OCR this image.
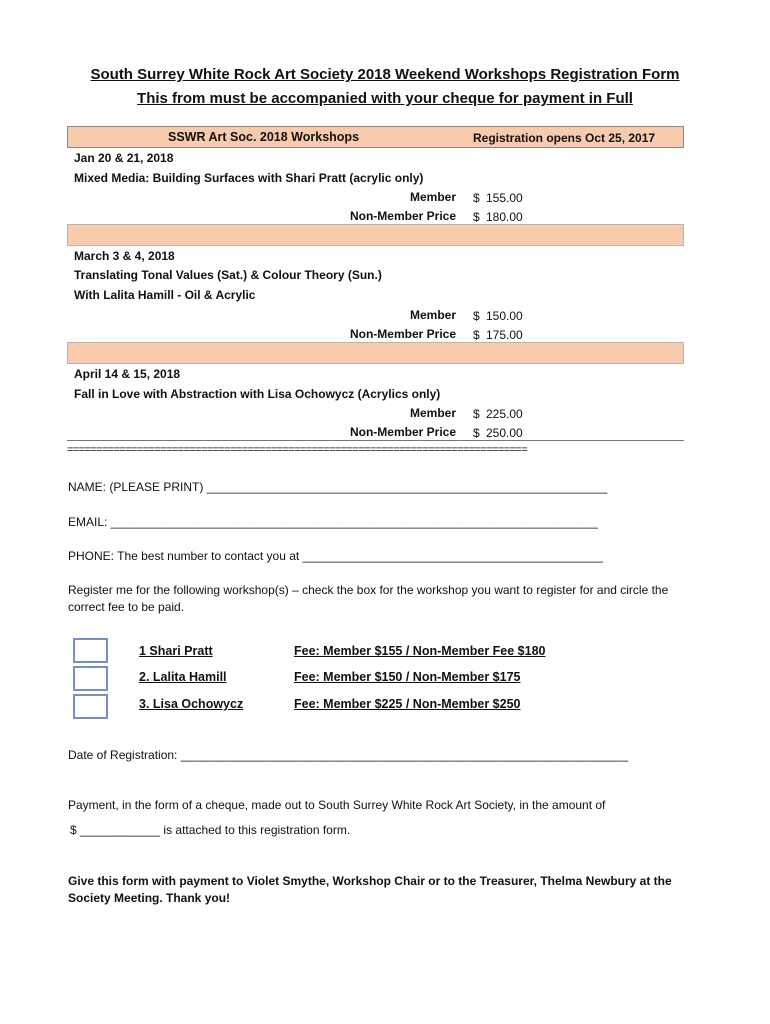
South Surrey White Rock Art Society 2018 Weekend Workshops Registration Form
This from must be accompanied with your cheque for payment in Full
SSWR Art Soc. 2018 Workshops	Registration opens Oct 25, 2017
Jan 20 & 21, 2018
Mixed Media: Building Surfaces with Shari Pratt (acrylic only)
Member $ 155.00
Non-Member Price $ 180.00
March 3 & 4, 2018
Translating Tonal Values (Sat.) & Colour Theory (Sun.)
With Lalita Hamill - Oil & Acrylic
Member $ 150.00
Non-Member Price $ 175.00
April 14 & 15, 2018
Fall in Love with Abstraction with Lisa Ochowycz (Acrylics only)
Member $ 225.00
Non-Member Price $ 250.00
===============================================================================
NAME: (PLEASE PRINT) ____________________________________________________________
EMAIL: _________________________________________________________________________
PHONE: The best number to contact you at _____________________________________________
Register me for the following workshop(s) – check the box for the workshop you want to register for and circle the correct fee to be paid.
1 Shari Pratt	Fee: Member $155 / Non-Member Fee $180
2. Lalita Hamill	Fee: Member $150 / Non-Member $175
3. Lisa Ochowycz	Fee: Member $225 / Non-Member $250
Date of Registration: ___________________________________________________________________
Payment, in the form of a cheque, made out to South Surrey White Rock Art Society, in the amount of
$ ____________ is attached to this registration form.
Give this form with payment to Violet Smythe, Workshop Chair or to the Treasurer, Thelma Newbury at the Society Meeting. Thank you!
